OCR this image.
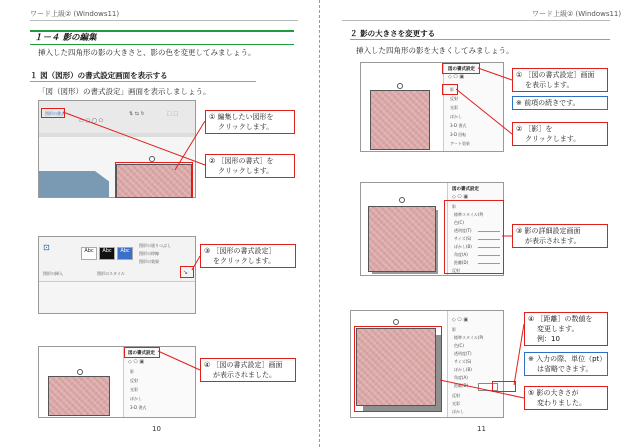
ワード上級② (Windows11)
１－４ 影の編集
挿入した四角形の影の大きさと、影の色を変更してみましょう。
１ 図（図形）の書式設定画面を表示する
「図（図形）の書式設定」画面を表示しましょう。
図形の書式
▭ ▢ ◯ ⬠
⇅ ⇆ ↻	⬚ ⬚	① 編集したい図形を
クリックします。
② ［図形の書式］を
クリックします。
⊡	Abc	Abc	Abc
図形の塗りつぶし
図形の枠線
図形の効果
図形の挿入	図形のスタイル	↘
③ ［図形の書式設定］
をクリックします。
図の書式設定
◇ ⬠ ▣
影
反射
光彩
ぼかし
3-D 書式
④ ［図の書式設定］画面
が表示されました。
10
ワード上級② (Windows11)
２ 影の大きさを変更する
挿入した四角形の影を大きくしてみましょう。
図の書式設定
◇ ⬠ ▣
影
反射
光彩
ぼかし
3-D 書式
3-D 回転
アート効果
① ［図の書式設定］画面
を表示します。
※ 前項の続きです。
② ［影］を
クリックします。
図の書式設定
◇ ⬠ ▣
影
標準スタイル(P)
色(C)
透明度(T)
サイズ(S)
ぼかし(B)
角度(A)
距離(D)
反射
③ 影の詳細設定画面
が表示されます。
◇ ⬠ ▣
影
標準スタイル(P)
色(C)
透明度(T)
サイズ(S)
ぼかし(B)
角度(A)
距離(D)
反射
光彩
ぼかし
④ ［距離］の数値を
変更します。
例：10
※ 入力の際、単位（pt）
は省略できます。
⑤ 影の大きさが
変わりました。
11
